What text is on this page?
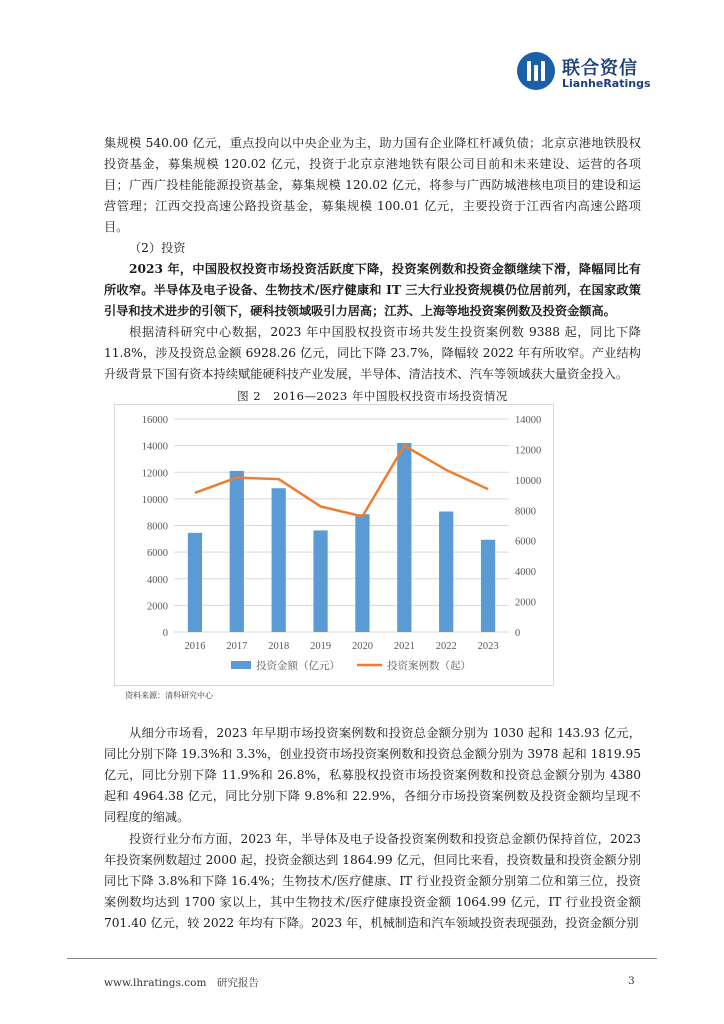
联合资信
LianheRatings

集规模 540.00 亿元，重点投向以中央企业为主，助力国有企业降杠杆减负债；北京京港地铁股权投资基金，募集规模 120.02 亿元，投资于北京京港地铁有限公司目前和未来建设、运营的各项目；广西广投桂能能源投资基金，募集规模 120.02 亿元，将参与广西防城港核电项目的建设和运营管理；江西交投高速公路投资基金，募集规模 100.01 亿元，主要投资于江西省内高速公路项目。

（2）投资

2023 年，中国股权投资市场投资活跃度下降，投资案例数和投资金额继续下滑，降幅同比有所收窄。半导体及电子设备、生物技术/医疗健康和 IT 三大行业投资规模仍位居前列，在国家政策引导和技术进步的引领下，硬科技领域吸引力居高；江苏、上海等地投资案例数及投资金额高。

根据清科研究中心数据，2023 年中国股权投资市场共发生投资案例数 9388 起，同比下降 11.8%，涉及投资总金额 6928.26 亿元，同比下降 23.7%，降幅较 2022 年有所收窄。产业结构升级背景下国有资本持续赋能硬科技产业发展，半导体、清洁技术、汽车等领域获大量资金投入。

图 2　2016—2023 年中国股权投资市场投资情况
0
2000
4000
6000
8000
10000
12000
14000
16000
0
2000
4000
6000
8000
10000
12000
14000
2016 2017 2018 2019 2020 2021 2022 2023
投资金额（亿元）	投资案例数（起）
资料来源：清科研究中心

从细分市场看，2023 年早期市场投资案例数和投资总金额分别为 1030 起和 143.93 亿元，同比分别下降 19.3%和 3.3%，创业投资市场投资案例数和投资总金额分别为 3978 起和 1819.95 亿元，同比分别下降 11.9%和 26.8%，私募股权投资市场投资案例数和投资总金额分别为 4380 起和 4964.38 亿元，同比分别下降 9.8%和 22.9%，各细分市场投资案例数及投资金额均呈现不同程度的缩减。

投资行业分布方面，2023 年，半导体及电子设备投资案例数和投资总金额仍保持首位，2023 年投资案例数超过 2000 起，投资金额达到 1864.99 亿元，但同比来看，投资数量和投资金额分别同比下降 3.8%和下降 16.4%；生物技术/医疗健康、IT 行业投资金额分别第二位和第三位，投资案例数均达到 1700 家以上，其中生物技术/医疗健康投资金额 1064.99 亿元，IT 行业投资金额 701.40 亿元，较 2022 年均有下降。2023 年，机械制造和汽车领域投资表现强劲，投资金额分别

www.lhratings.com　研究报告	3
